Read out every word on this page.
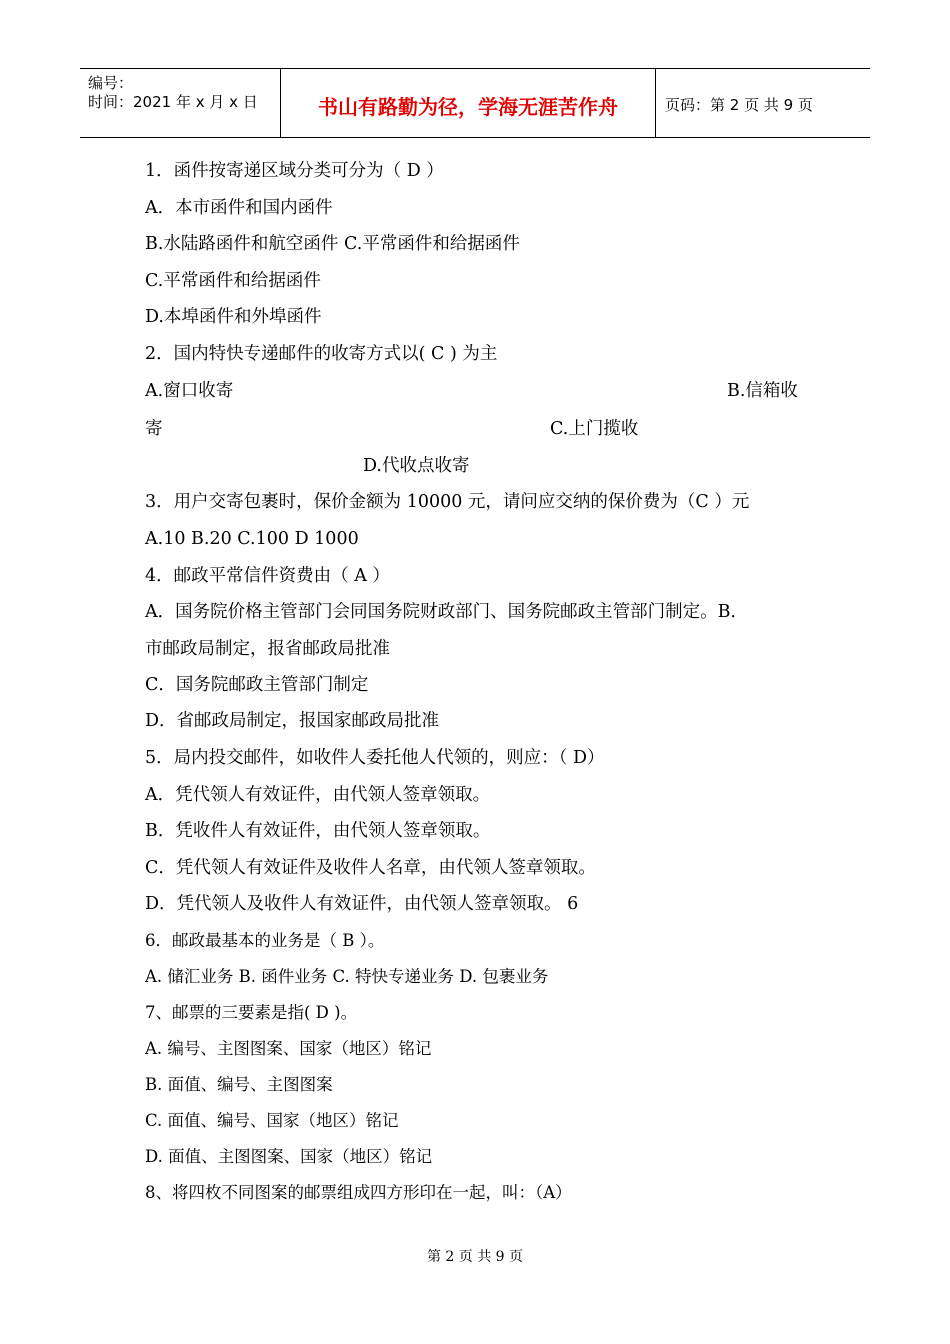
编号：
时间：2021 年 x 月 x 日	书山有路勤为径，学海无涯苦作舟	页码：第 2 页 共 9 页
1．函件按寄递区域分类可分为（ D ）
A．本市函件和国内函件
B.水陆路函件和航空函件 C.平常函件和给据函件
C.平常函件和给据函件
D.本埠函件和外埠函件
2．国内特快专递邮件的收寄方式以( C ) 为主
A.窗口收寄	B.信箱收
寄	C.上门揽收
D.代收点收寄
3．用户交寄包裹时，保价金额为 10000 元，请问应交纳的保价费为（C ）元
A.10 B.20 C.100 D 1000
4．邮政平常信件资费由（ A ）
A．国务院价格主管部门会同国务院财政部门、国务院邮政主管部门制定。B．
市邮政局制定，报省邮政局批准
C．国务院邮政主管部门制定
D．省邮政局制定，报国家邮政局批准
5．局内投交邮件，如收件人委托他人代领的，则应：（ D）
A．凭代领人有效证件，由代领人签章领取。
B．凭收件人有效证件，由代领人签章领取。
C．凭代领人有效证件及收件人名章，由代领人签章领取。
D．凭代领人及收件人有效证件，由代领人签章领取。 6
6．邮政最基本的业务是（ B ）。
A. 储汇业务 B. 函件业务 C. 特快专递业务 D. 包裹业务
7、邮票的三要素是指( D )。
A. 编号、主图图案、国家（地区）铭记
B. 面值、编号、主图图案
C. 面值、编号、国家（地区）铭记
D. 面值、主图图案、国家（地区）铭记
8、将四枚不同图案的邮票组成四方形印在一起，叫：（A）
第 2 页 共 9 页
